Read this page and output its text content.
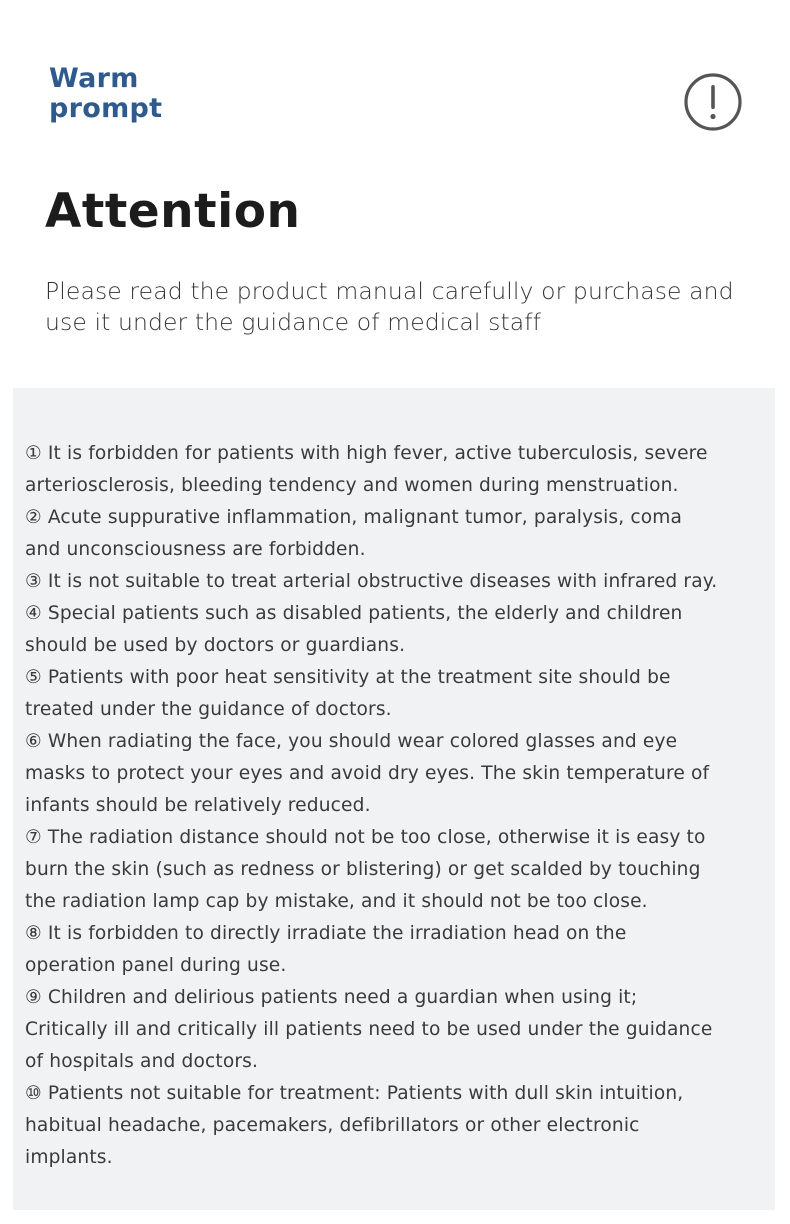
Warm
prompt
Attention

Please read the product manual carefully or purchase and use it under the guidance of medical staff

① It is forbidden for patients with high fever, active tuberculosis, severe
arteriosclerosis, bleeding tendency and women during menstruation.
② Acute suppurative inflammation, malignant tumor, paralysis, coma
and unconsciousness are forbidden.
③ It is not suitable to treat arterial obstructive diseases with infrared ray.
④ Special patients such as disabled patients, the elderly and children
should be used by doctors or guardians.
⑤ Patients with poor heat sensitivity at the treatment site should be
treated under the guidance of doctors.
⑥ When radiating the face, you should wear colored glasses and eye
masks to protect your eyes and avoid dry eyes. The skin temperature of
infants should be relatively reduced.
⑦ The radiation distance should not be too close, otherwise it is easy to
burn the skin (such as redness or blistering) or get scalded by touching
the radiation lamp cap by mistake, and it should not be too close.
⑧ It is forbidden to directly irradiate the irradiation head on the
operation panel during use.
⑨ Children and delirious patients need a guardian when using it;
Critically ill and critically ill patients need to be used under the guidance
of hospitals and doctors.
⑩ Patients not suitable for treatment: Patients with dull skin intuition,
habitual headache, pacemakers, defibrillators or other electronic
implants.
